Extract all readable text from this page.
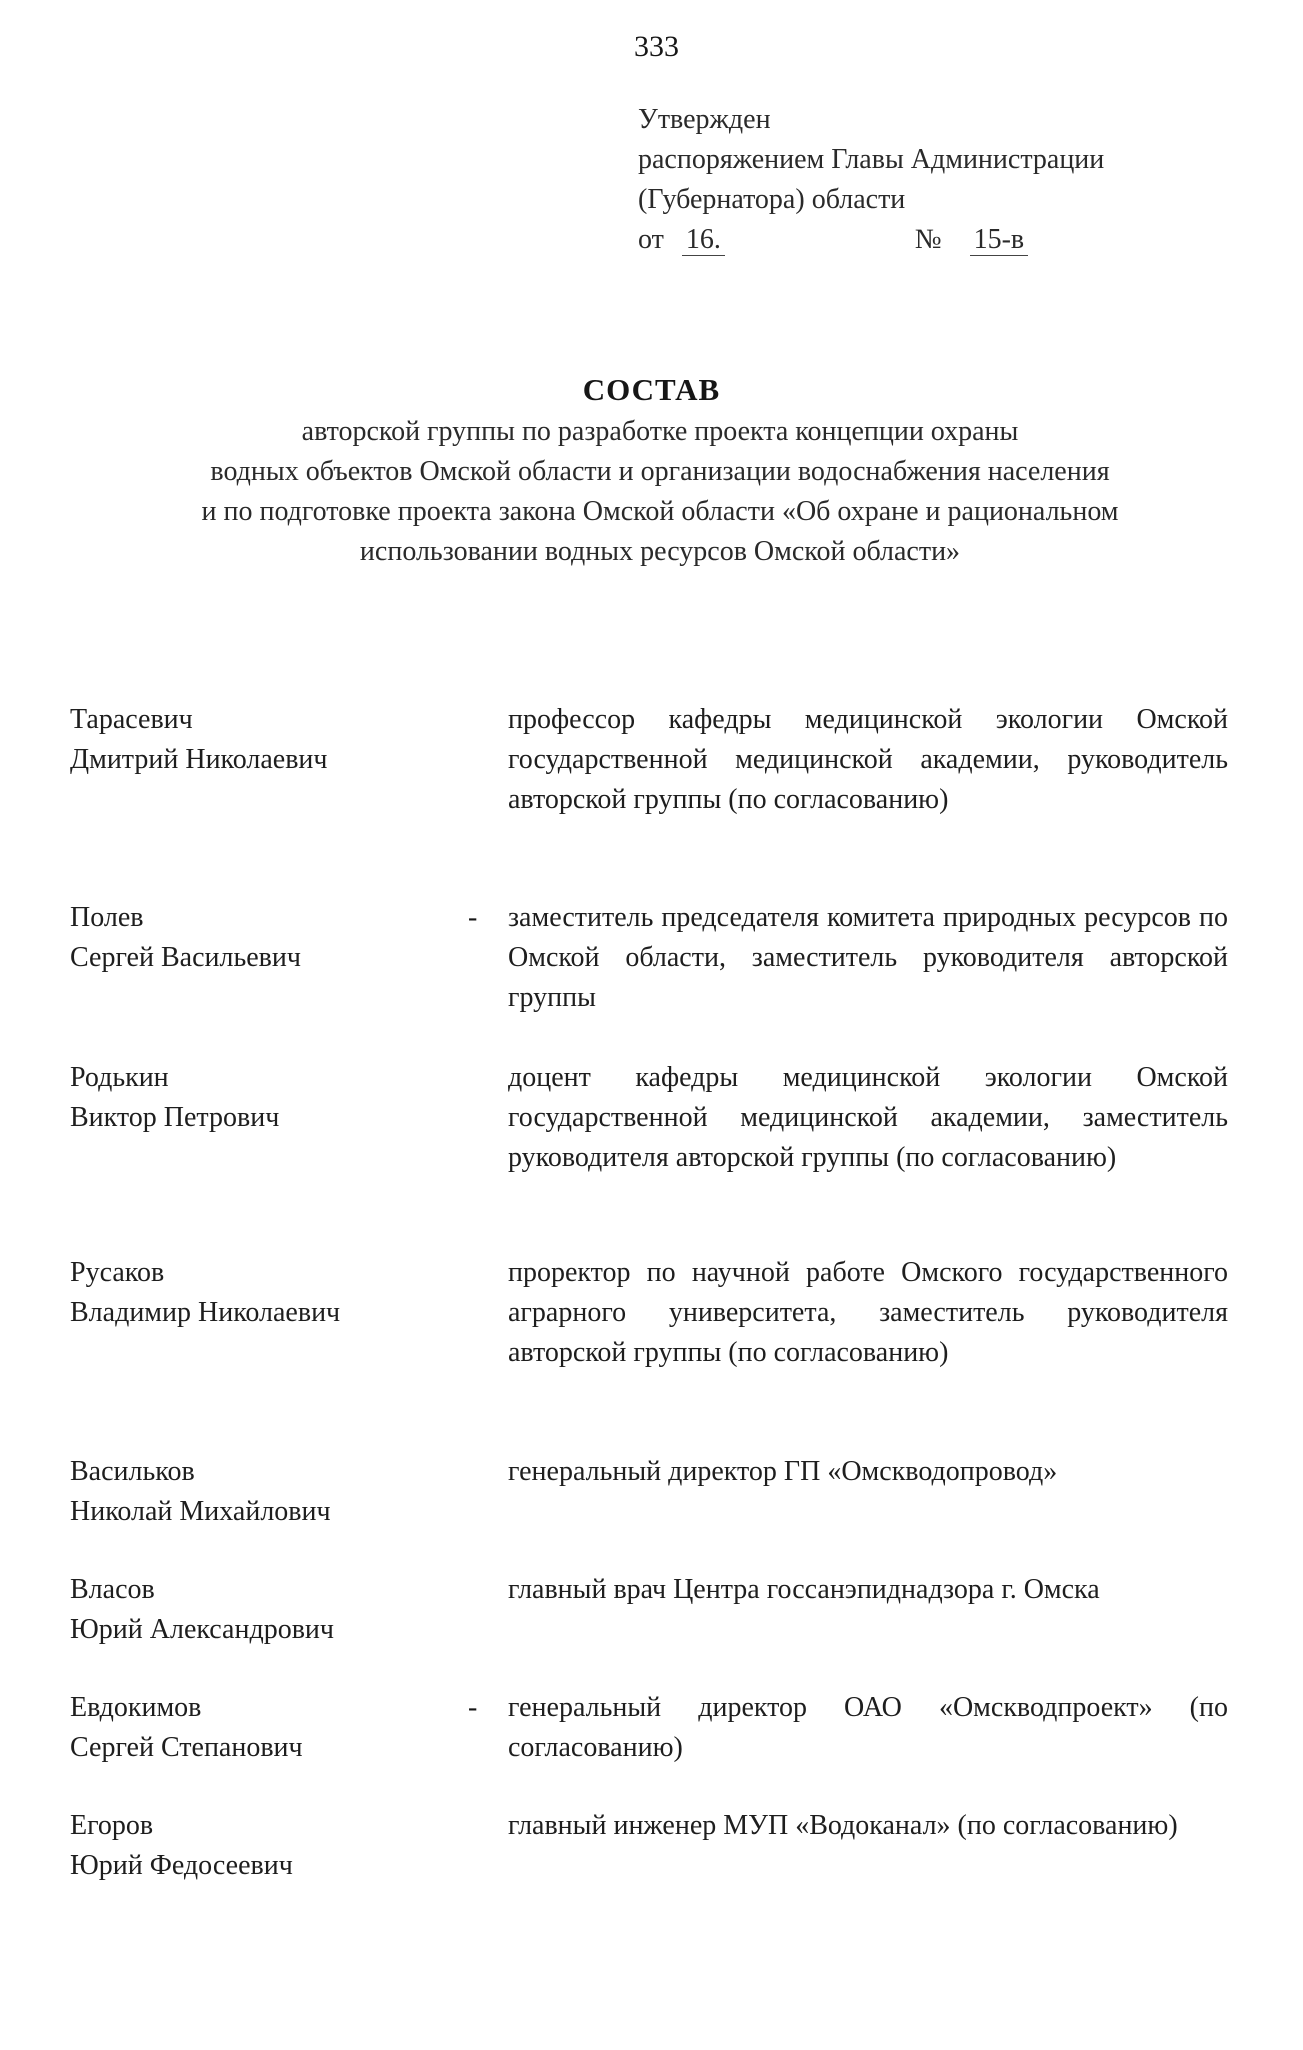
333
Утвержден
распоряжением Главы Администрации
(Губернатора) области
от 16.	№ 15-в
СОСТАВ
авторской группы по разработке проекта концепции охраны
водных объектов Омской области и организации водоснабжения населения
и по подготовке проекта закона Омской области «Об охране и рациональном
использовании водных ресурсов Омской области»
Тарасевич
Дмитрий Николаевич
профессор кафедры медицинской экологии Омской государственной медицинской академии, руководитель авторской группы (по согласованию)
Полев
Сергей Васильевич
- заместитель председателя комитета природных ресурсов по Омской области, заместитель руководителя авторской группы
Родькин
Виктор Петрович
доцент кафедры медицинской экологии Омской государственной медицинской академии, заместитель руководителя авторской группы (по согласованию)
Русаков
Владимир Николаевич
проректор по научной работе Омского государственного аграрного университета, заместитель руководителя авторской группы (по согласованию)
Васильков
Николай Михайлович
генеральный директор ГП «Омскводопровод»
Власов
Юрий Александрович
главный врач Центра госсанэпиднадзора г. Омска
Евдокимов
Сергей Степанович
- генеральный директор ОАО «Омскводпроект» (по согласованию)
Егоров
Юрий Федосеевич
главный инженер МУП «Водоканал» (по согласованию)
